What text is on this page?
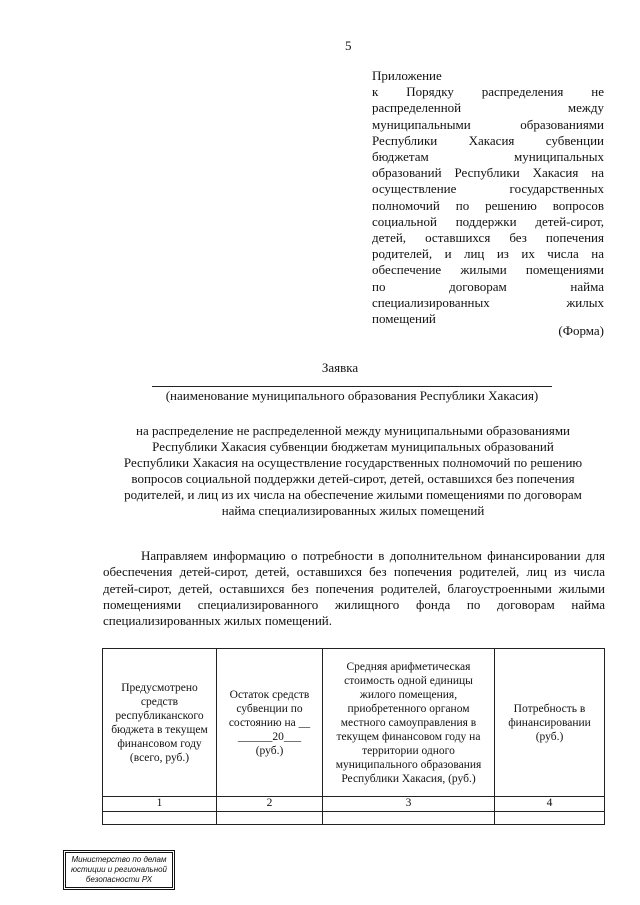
5
Приложение
к Порядку распределения не
распределенной между
муниципальными образованиями
Республики Хакасия субвенции
бюджетам муниципальных
образований Республики Хакасия на
осуществление государственных
полномочий по решению вопросов
социальной поддержки детей-сирот,
детей, оставшихся без попечения
родителей, и лиц из их числа на
обеспечение жилыми помещениями
по договорам найма
специализированных жилых
помещений
(Форма)
Заявка
(наименование муниципального образования Республики Хакасия)
на распределение не распределенной между муниципальными образованиями
Республики Хакасия субвенции бюджетам муниципальных образований
Республики Хакасия на осуществление государственных полномочий по решению
вопросов социальной поддержки детей-сирот, детей, оставшихся без попечения
родителей, и лиц из их числа на обеспечение жилыми помещениями по договорам
найма специализированных жилых помещений
Направляем информацию о потребности в дополнительном финансировании для обеспечения детей-сирот, детей, оставшихся без попечения родителей, лиц из числа детей-сирот, детей, оставшихся без попечения родителей, благоустроенными жилыми помещениями специализированного жилищного фонда по договорам найма специализированных жилых помещений.
Предусмотрено средств республиканского бюджета в текущем финансовом году (всего, руб.)	Остаток средств субвенции по состоянию на __ ______20___ (руб.)	Средняя арифметическая стоимость одной единицы жилого помещения, приобретенного органом местного самоуправления в текущем финансовом году на территории одного муниципального образования Республики Хакасия, (руб.)	Потребность в финансировании (руб.)
1	2	3	4

Министерство по делам
юстиции и региональной
безопасности РХ
